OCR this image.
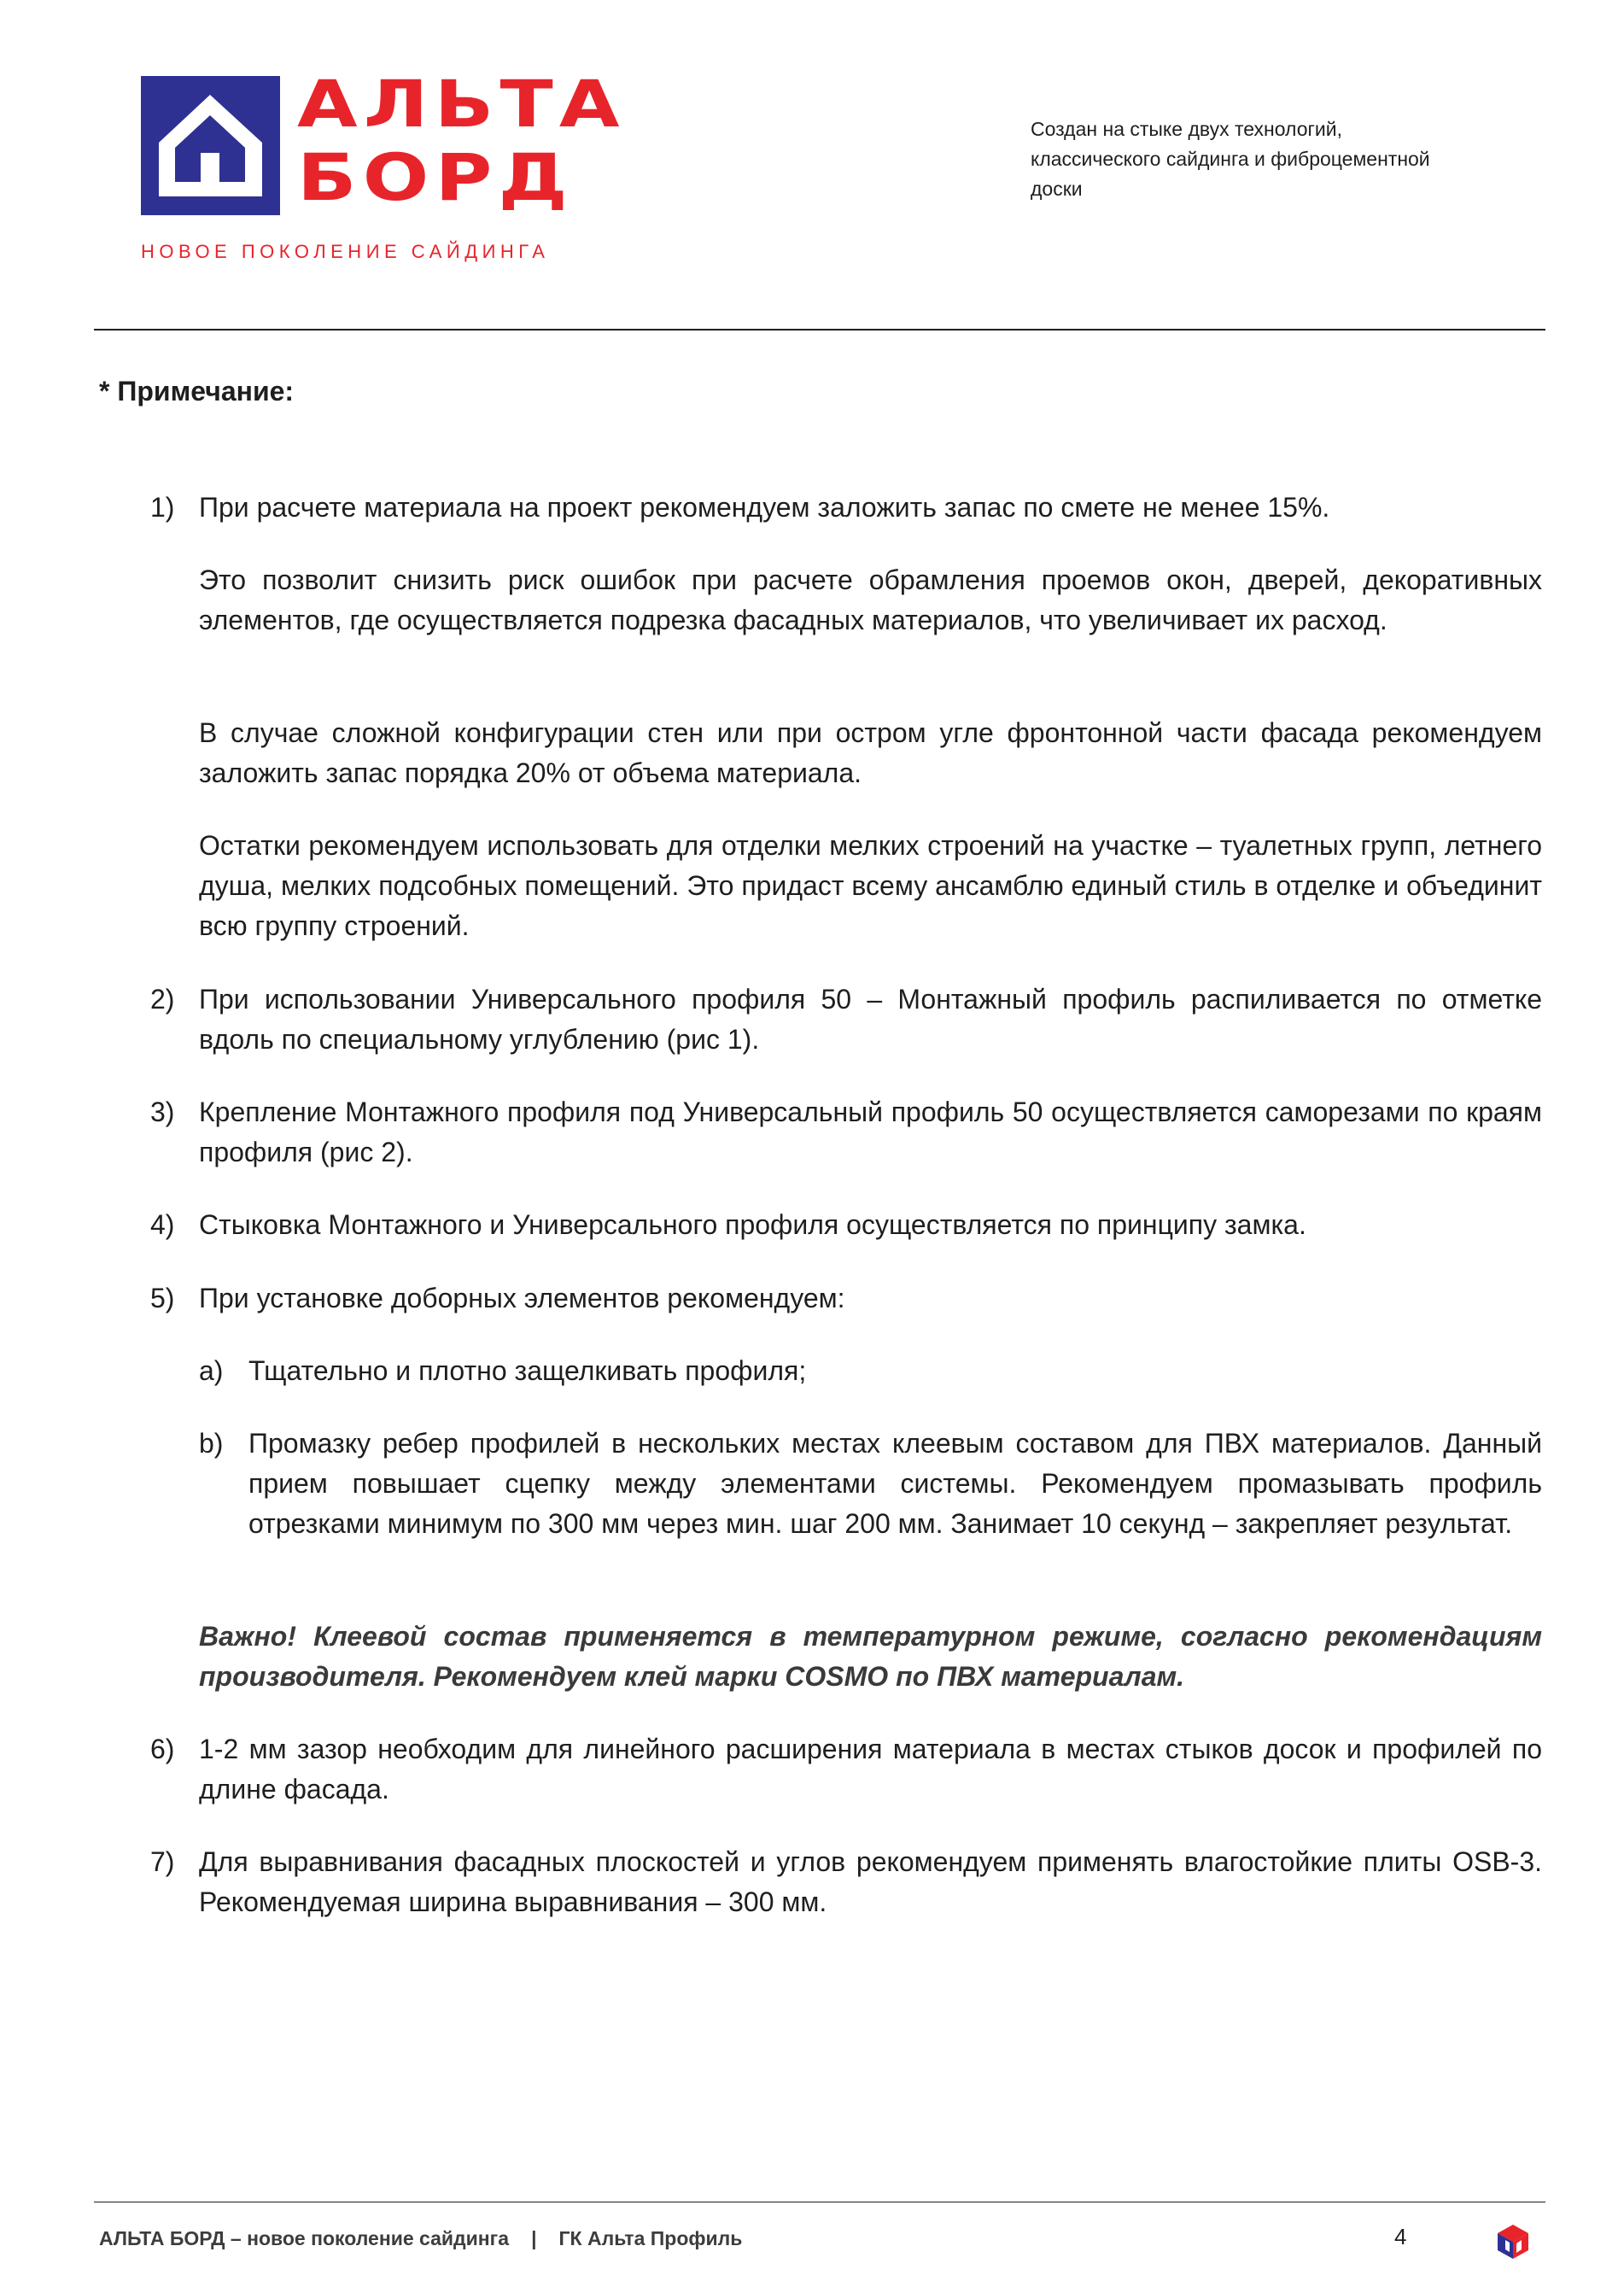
АЛЬТА
БОРД
НОВОЕ ПОКОЛЕНИЕ САЙДИНГА
Создан на стыке двух технологий,
классического сайдинга и фиброцементной
доски
* Примечание:
1) При расчете материала на проект рекомендуем заложить запас по смете не менее 15%.
Это позволит снизить риск ошибок при расчете обрамления проемов окон, дверей, декоративных элементов, где осуществляется подрезка фасадных материалов, что увеличивает их расход.
В случае сложной конфигурации стен или при остром угле фронтонной части фасада рекомендуем заложить запас порядка 20% от объема материала.
Остатки рекомендуем использовать для отделки мелких строений на участке – туалетных групп, летнего душа, мелких подсобных помещений. Это придаст всему ансамблю единый стиль в отделке и объединит всю группу строений.
2) При использовании Универсального профиля 50 – Монтажный профиль распиливается по отметке вдоль по специальному углублению (рис 1).
3) Крепление Монтажного профиля под Универсальный профиль 50 осуществляется саморезами по краям профиля (рис 2).
4) Стыковка Монтажного и Универсального профиля осуществляется по принципу замка.
5) При установке доборных элементов рекомендуем:
a) Тщательно и плотно защелкивать профиля;
b) Промазку ребер профилей в нескольких местах клеевым составом для ПВХ материалов. Данный прием повышает сцепку между элементами системы. Рекомендуем промазывать профиль отрезками минимум по 300 мм через мин. шаг 200 мм. Занимает 10 секунд – закрепляет результат.
Важно! Клеевой состав применяется в температурном режиме, согласно рекомендациям производителя. Рекомендуем клей марки COSMO по ПВХ материалам.
6) 1-2 мм зазор необходим для линейного расширения материала в местах стыков досок и профилей по длине фасада.
7) Для выравнивания фасадных плоскостей и углов рекомендуем применять влагостойкие плиты OSB-3. Рекомендуемая ширина выравнивания – 300 мм.
АЛЬТА БОРД – новое поколение сайдинга | ГК Альта Профиль	4
